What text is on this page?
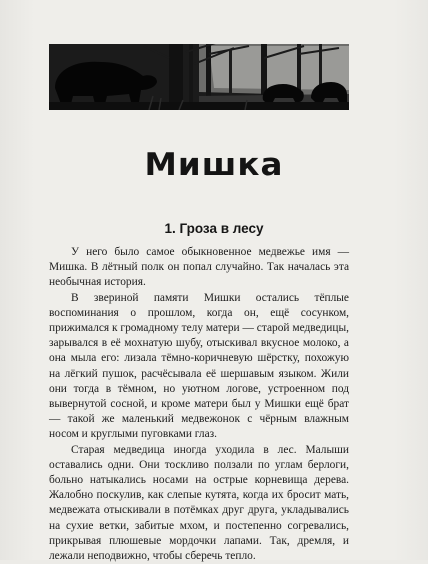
Мишка
1. Гроза в лесу

У него было самое обыкновенное медвежье имя — Мишка. В лётный полк он попал случайно. Так началась эта необычная история.

В звериной памяти Мишки остались тёплые воспоминания о прошлом, когда он, ещё сосунком, прижимался к громадному телу матери — старой медведицы, зарывался в её мохнатую шубу, отыскивал вкусное молоко, а она мыла его: лизала тёмно-коричневую шёрстку, похожую на лёгкий пушок, расчёсывала её шершавым языком. Жили они тогда в тёмном, но уютном логове, устроенном под вывернутой сосной, и кроме матери был у Мишки ещё брат — такой же маленький медвежонок с чёрным влажным носом и круглыми пуговками глаз.

Старая медведица иногда уходила в лес. Малыши оставались одни. Они тоскливо ползали по углам берлоги, больно натыкались носами на острые корневища дерева. Жалобно поскулив, как слепые кутята, когда их бросит мать, медвежата отыскивали в потёмках друг друга, укладывались на сухие ветки, забитые мхом, и постепенно согревались, прикрывая плюшевые мордочки лапами. Так, дремля, и лежали неподвижно, чтобы сберечь тепло.
